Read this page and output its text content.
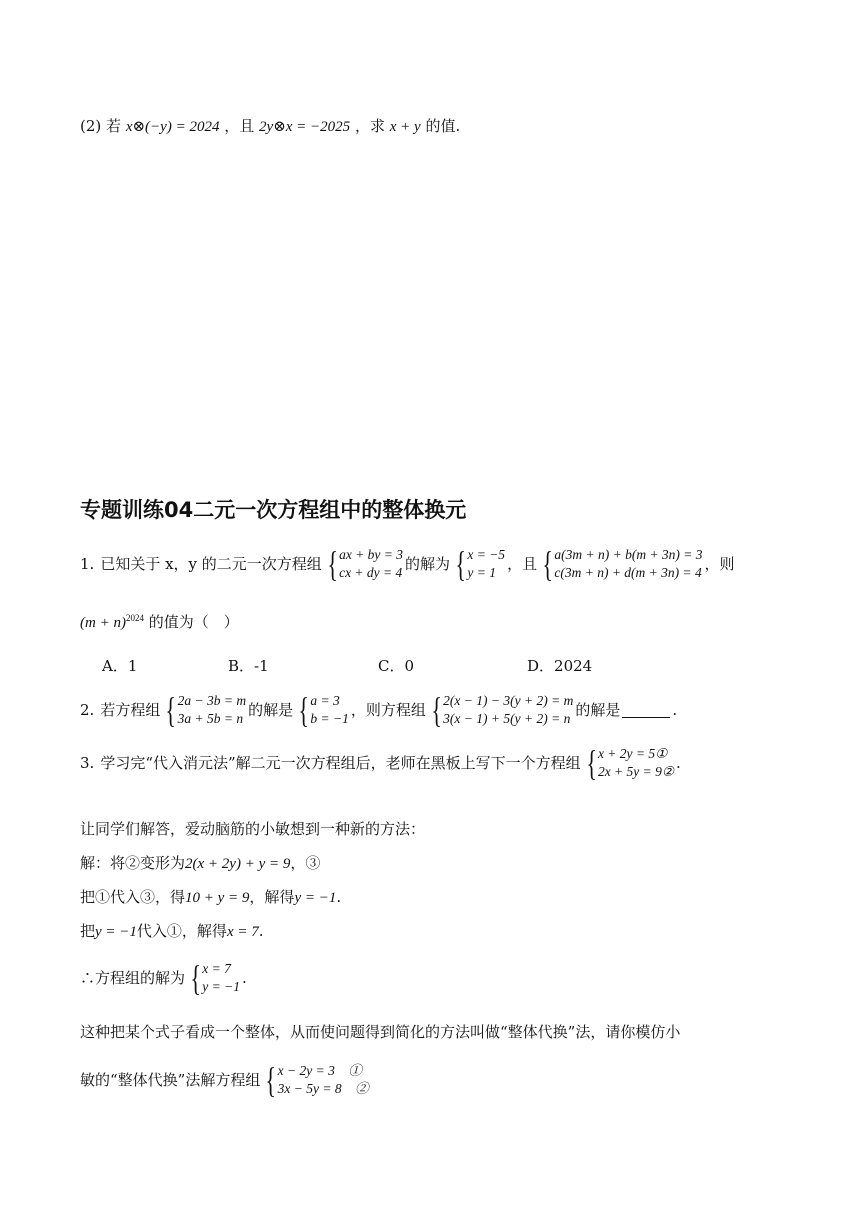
(2) 若 x⊗(−y) = 2024 ，且 2y⊗x = −2025 ，求 x + y 的值.
专题训练04二元一次方程组中的整体换元
1. 已知关于 x，y 的二元一次方程组 { ax + by = 3
cx + dy = 4 的解为 { x = −5
y = 1 ，且 { a(3m + n) + b(m + 3n) = 3
c(3m + n) + d(m + 3n) = 4 ，则
$(m + n)^{2024}$ 的值为（　）
A．1	B．-1	C．0	D．2024
2. 若方程组 { 2a − 3b = m
3a + 5b = n 的解是 { a = 3
b = −1 ，则方程组 { 2(x − 1) − 3(y + 2) = m
3(x − 1) + 5(y + 2) = n 的解是	.
3. 学习完“代入消元法”解二元一次方程组后，老师在黑板上写下一个方程组 { x + 2y = 5①
2x + 5y = 9② .
让同学们解答，爱动脑筋的小敏想到一种新的方法：
解：将②变形为2(x + 2y) + y = 9，③
把①代入③，得10 + y = 9，解得y = −1.
把y = −1代入①，解得x = 7.
∴方程组的解为 { x = 7
y = −1 .
这种把某个式子看成一个整体，从而使问题得到简化的方法叫做“整体代换”法，请你模仿小
敏的“整体代换”法解方程组 { x − 2y = 3　①
3x − 5y = 8　②
